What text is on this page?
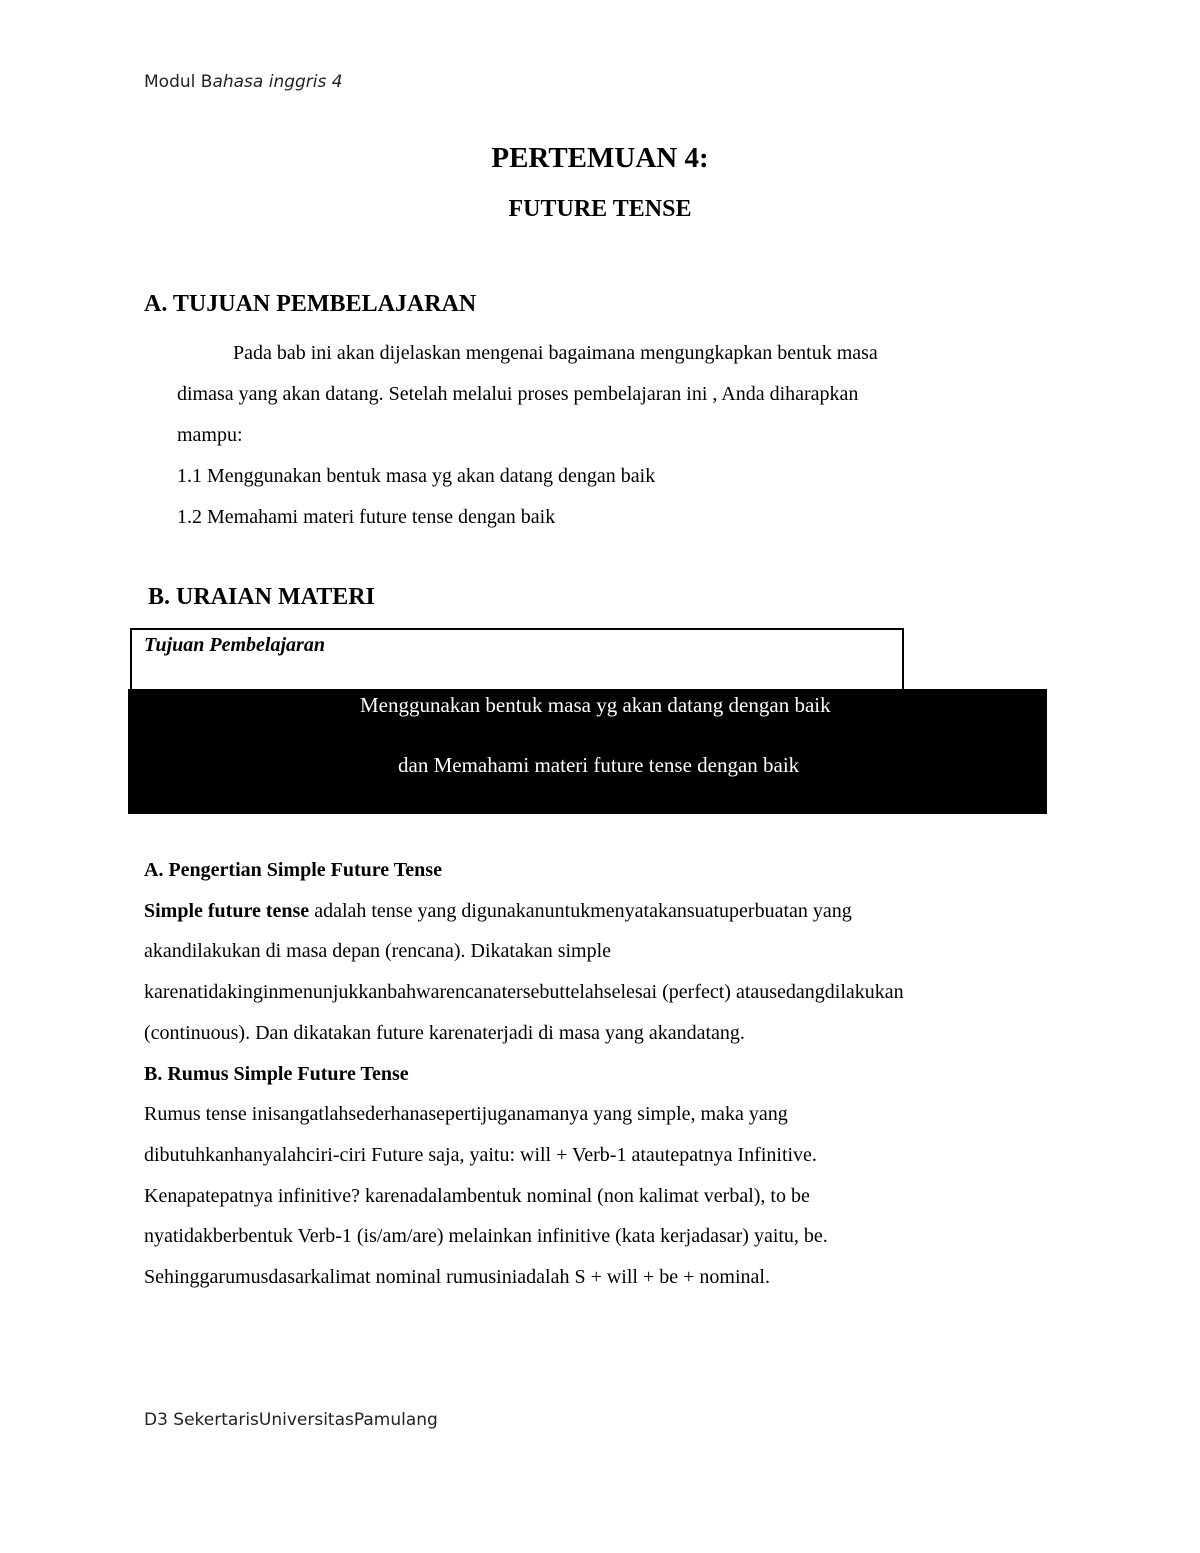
Modul Bahasa inggris 4
PERTEMUAN 4:
FUTURE TENSE
A. TUJUAN PEMBELAJARAN
Pada bab ini akan dijelaskan mengenai bagaimana mengungkapkan bentuk masa
dimasa yang akan datang. Setelah melalui proses pembelajaran ini , Anda diharapkan
mampu:
1.1 Menggunakan bentuk masa yg akan datang dengan baik
1.2 Memahami materi future tense dengan baik
B. URAIAN MATERI
Tujuan Pembelajaran
Menggunakan bentuk masa yg akan datang dengan baik
dan Memahami materi future tense dengan baik
A. Pengertian Simple Future Tense
Simple future tense adalah tense yang digunakanuntukmenyatakansuatuperbuatan yang
akandilakukan di masa depan (rencana). Dikatakan simple
karenatidakinginmenunjukkanbahwarencanatersebuttelahselesai (perfect) atausedangdilakukan
(continuous). Dan dikatakan future karenaterjadi di masa yang akandatang.
B. Rumus Simple Future Tense
Rumus tense inisangatlahsederhanasepertijuganamanya yang simple, maka yang
dibutuhkanhanyalahciri-ciri Future saja, yaitu: will + Verb-1 atautepatnya Infinitive.
Kenapatepatnya infinitive? karenadalambentuk nominal (non kalimat verbal), to be
nyatidakberbentuk Verb-1 (is/am/are) melainkan infinitive (kata kerjadasar) yaitu, be.
Sehinggarumusdasarkalimat nominal rumusiniadalah S + will + be + nominal.
D3 SekertarisUniversitasPamulang
